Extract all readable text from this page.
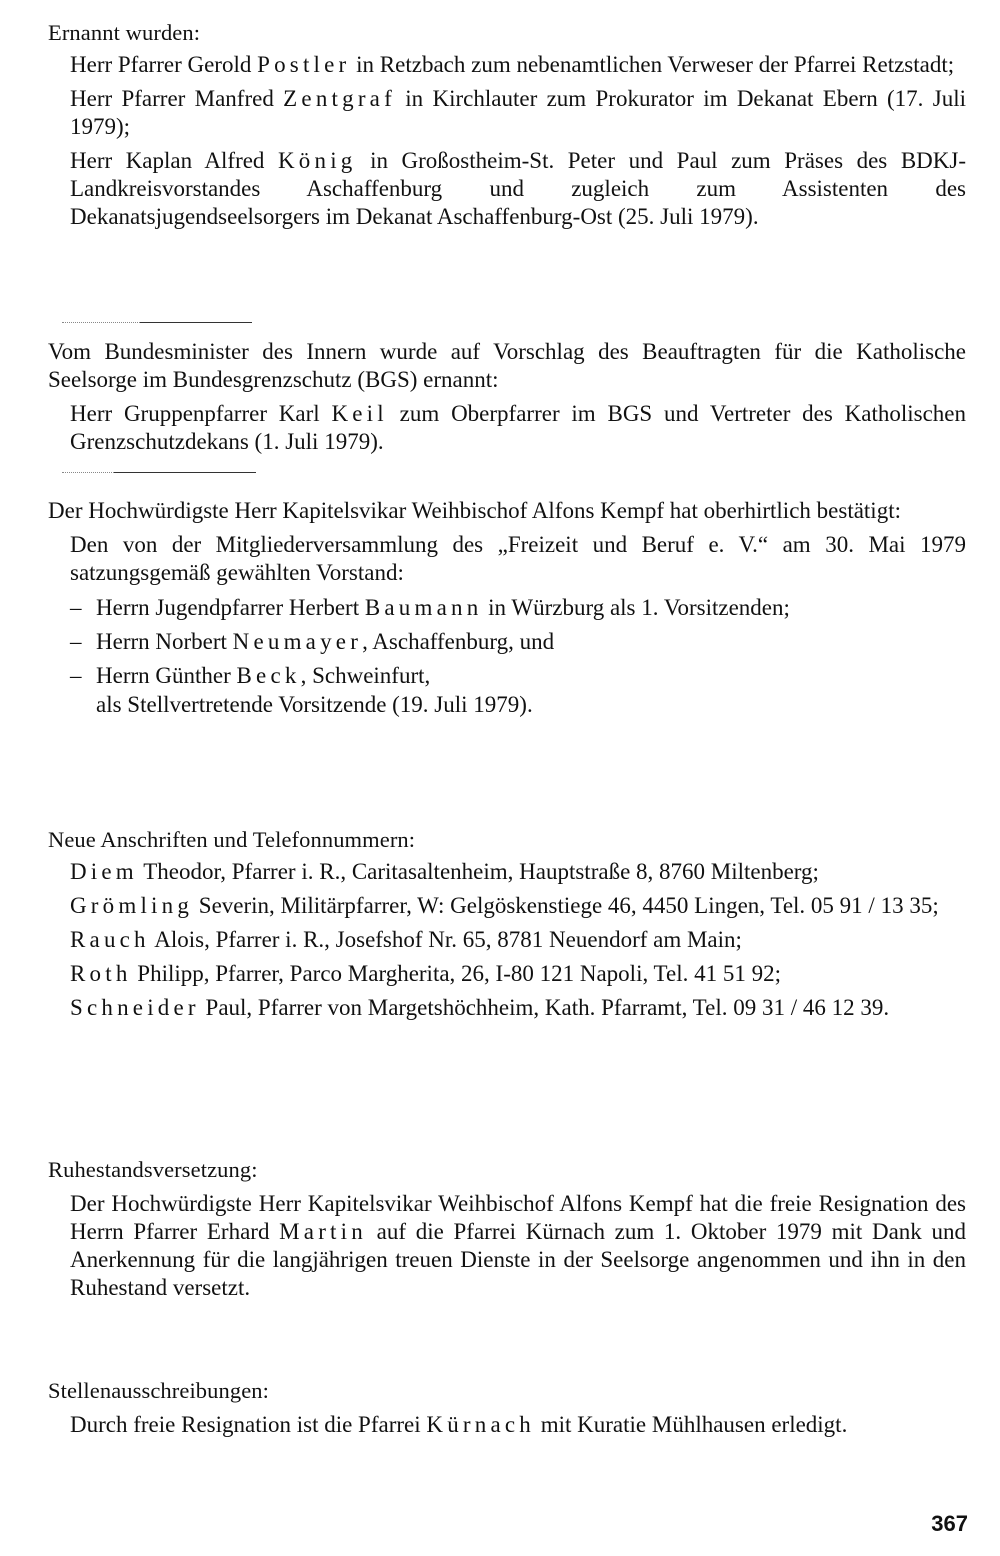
Ernannt wurden:

Herr Pfarrer Gerold Postler in Retzbach zum nebenamtlichen Verweser der Pfarrei Retzstadt;

Herr Pfarrer Manfred Zentgraf in Kirchlauter zum Prokurator im Dekanat Ebern (17. Juli 1979);

Herr Kaplan Alfred König in Großostheim-St. Peter und Paul zum Präses des BDKJ-Landkreisvorstandes Aschaffenburg und zugleich zum Assistenten des Dekanatsjugendseelsorgers im Dekanat Aschaffenburg-Ost (25. Juli 1979).

Vom Bundesminister des Innern wurde auf Vorschlag des Beauftragten für die Katholische Seelsorge im Bundesgrenzschutz (BGS) ernannt:

Herr Gruppenpfarrer Karl Keil zum Oberpfarrer im BGS und Vertreter des Katholischen Grenzschutzdekans (1. Juli 1979).

Der Hochwürdigste Herr Kapitelsvikar Weihbischof Alfons Kempf hat oberhirtlich bestätigt:

Den von der Mitgliederversammlung des „Freizeit und Beruf e. V.“ am 30. Mai 1979 satzungsgemäß gewählten Vorstand:

– Herrn Jugendpfarrer Herbert Baumann in Würzburg als 1. Vorsitzenden;
– Herrn Norbert Neumayer, Aschaffenburg, und
– Herrn Günther Beck, Schweinfurt,
als Stellvertretende Vorsitzende (19. Juli 1979).

Neue Anschriften und Telefonnummern:

Diem Theodor, Pfarrer i. R., Caritasaltenheim, Hauptstraße 8, 8760 Miltenberg;

Grömling Severin, Militärpfarrer, W: Gelgöskenstiege 46, 4450 Lingen, Tel. 05 91 / 13 35;

Rauch Alois, Pfarrer i. R., Josefshof Nr. 65, 8781 Neuendorf am Main;

Roth Philipp, Pfarrer, Parco Margherita, 26, I-80 121 Napoli, Tel. 41 51 92;

Schneider Paul, Pfarrer von Margetshöchheim, Kath. Pfarramt, Tel. 09 31 / 46 12 39.

Ruhestandsversetzung:

Der Hochwürdigste Herr Kapitelsvikar Weihbischof Alfons Kempf hat die freie Resignation des Herrn Pfarrer Erhard Martin auf die Pfarrei Kürnach zum 1. Oktober 1979 mit Dank und Anerkennung für die langjährigen treuen Dienste in der Seelsorge angenommen und ihn in den Ruhestand versetzt.

Stellenausschreibungen:

Durch freie Resignation ist die Pfarrei Kürnach mit Kuratie Mühlhausen erledigt.

367
